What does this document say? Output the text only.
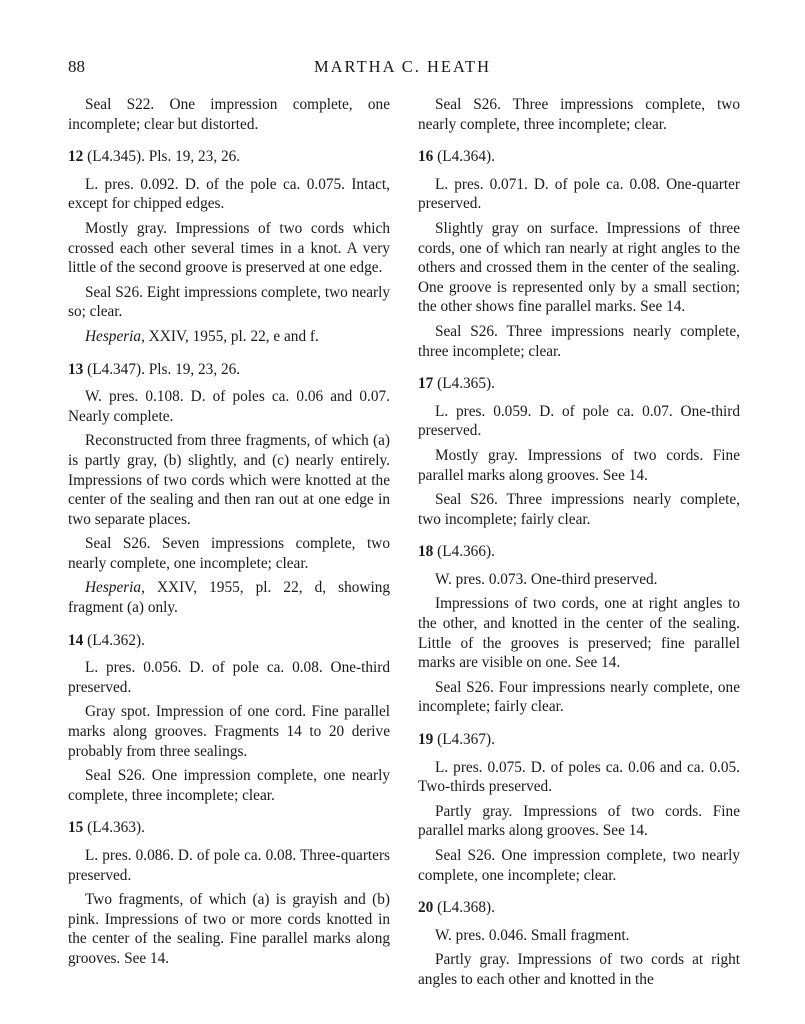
88	MARTHA C. HEATH

Seal S22. One impression complete, one incomplete; clear but distorted.

12 (L4.345). Pls. 19, 23, 26.

L. pres. 0.092. D. of the pole ca. 0.075. Intact, except for chipped edges.

Mostly gray. Impressions of two cords which crossed each other several times in a knot. A very little of the second groove is preserved at one edge.

Seal S26. Eight impressions complete, two nearly so; clear.

Hesperia, XXIV, 1955, pl. 22, e and f.

13 (L4.347). Pls. 19, 23, 26.

W. pres. 0.108. D. of poles ca. 0.06 and 0.07. Nearly complete.

Reconstructed from three fragments, of which (a) is partly gray, (b) slightly, and (c) nearly entirely. Impressions of two cords which were knotted at the center of the sealing and then ran out at one edge in two separate places.

Seal S26. Seven impressions complete, two nearly complete, one incomplete; clear.

Hesperia, XXIV, 1955, pl. 22, d, showing fragment (a) only.

14 (L4.362).

L. pres. 0.056. D. of pole ca. 0.08. One-third preserved.

Gray spot. Impression of one cord. Fine parallel marks along grooves. Fragments 14 to 20 derive probably from three sealings.

Seal S26. One impression complete, one nearly complete, three incomplete; clear.

15 (L4.363).

L. pres. 0.086. D. of pole ca. 0.08. Three-quarters preserved.

Two fragments, of which (a) is grayish and (b) pink. Impressions of two or more cords knotted in the center of the sealing. Fine parallel marks along grooves. See 14.

Seal S26. Three impressions complete, two nearly complete, three incomplete; clear.

16 (L4.364).

L. pres. 0.071. D. of pole ca. 0.08. One-quarter preserved.

Slightly gray on surface. Impressions of three cords, one of which ran nearly at right angles to the others and crossed them in the center of the sealing. One groove is represented only by a small section; the other shows fine parallel marks. See 14.

Seal S26. Three impressions nearly complete, three incomplete; clear.

17 (L4.365).

L. pres. 0.059. D. of pole ca. 0.07. One-third preserved.

Mostly gray. Impressions of two cords. Fine parallel marks along grooves. See 14.

Seal S26. Three impressions nearly complete, two incomplete; fairly clear.

18 (L4.366).

W. pres. 0.073. One-third preserved.

Impressions of two cords, one at right angles to the other, and knotted in the center of the sealing. Little of the grooves is preserved; fine parallel marks are visible on one. See 14.

Seal S26. Four impressions nearly complete, one incomplete; fairly clear.

19 (L4.367).

L. pres. 0.075. D. of poles ca. 0.06 and ca. 0.05. Two-thirds preserved.

Partly gray. Impressions of two cords. Fine parallel marks along grooves. See 14.

Seal S26. One impression complete, two nearly complete, one incomplete; clear.

20 (L4.368).

W. pres. 0.046. Small fragment.

Partly gray. Impressions of two cords at right angles to each other and knotted in the
